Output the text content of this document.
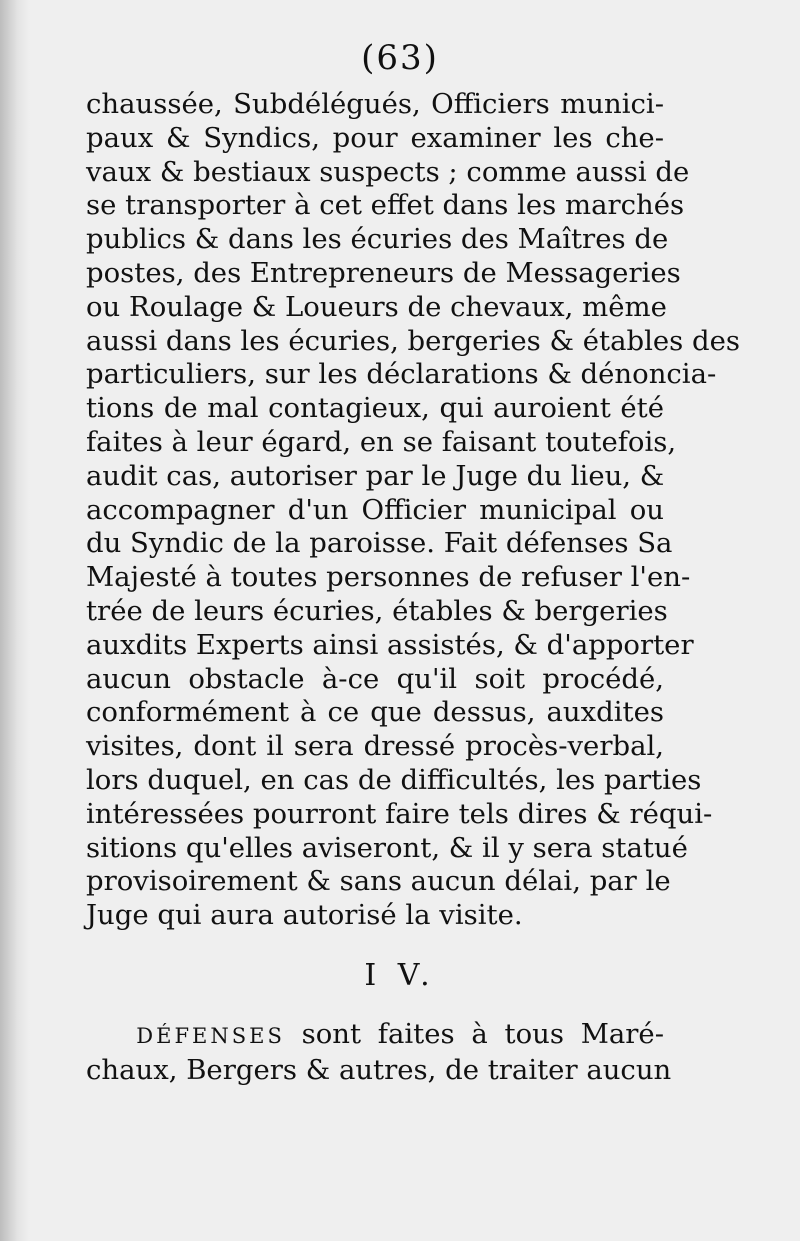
(63)
chaussée, Subdélégués, Officiers munici-
paux & Syndics, pour examiner les che-
vaux & bestiaux suspects ; comme aussi de
se transporter à cet effet dans les marchés
publics & dans les écuries des Maîtres de
postes, des Entrepreneurs de Messageries
ou Roulage & Loueurs de chevaux, même
aussi dans les écuries, bergeries & étables des
particuliers, sur les déclarations & dénoncia-
tions de mal contagieux, qui auroient été
faites à leur égard, en se faisant toutefois,
audit cas, autoriser par le Juge du lieu, &
accompagner d'un Officier municipal ou
du Syndic de la paroisse. Fait défenses Sa
Majesté à toutes personnes de refuser l'en-
trée de leurs écuries, étables & bergeries
auxdits Experts ainsi assistés, & d'apporter
aucun obstacle à-ce qu'il soit procédé,
conformément à ce que dessus, auxdites
visites, dont il sera dressé procès-verbal,
lors duquel, en cas de difficultés, les parties
intéressées pourront faire tels dires & réqui-
sitions qu'elles aviseront, & il y sera statué
provisoirement & sans aucun délai, par le
Juge qui aura autorisé la visite.
I V.
DÉFENSES sont faites à tous Maré-
chaux, Bergers & autres, de traiter aucun
